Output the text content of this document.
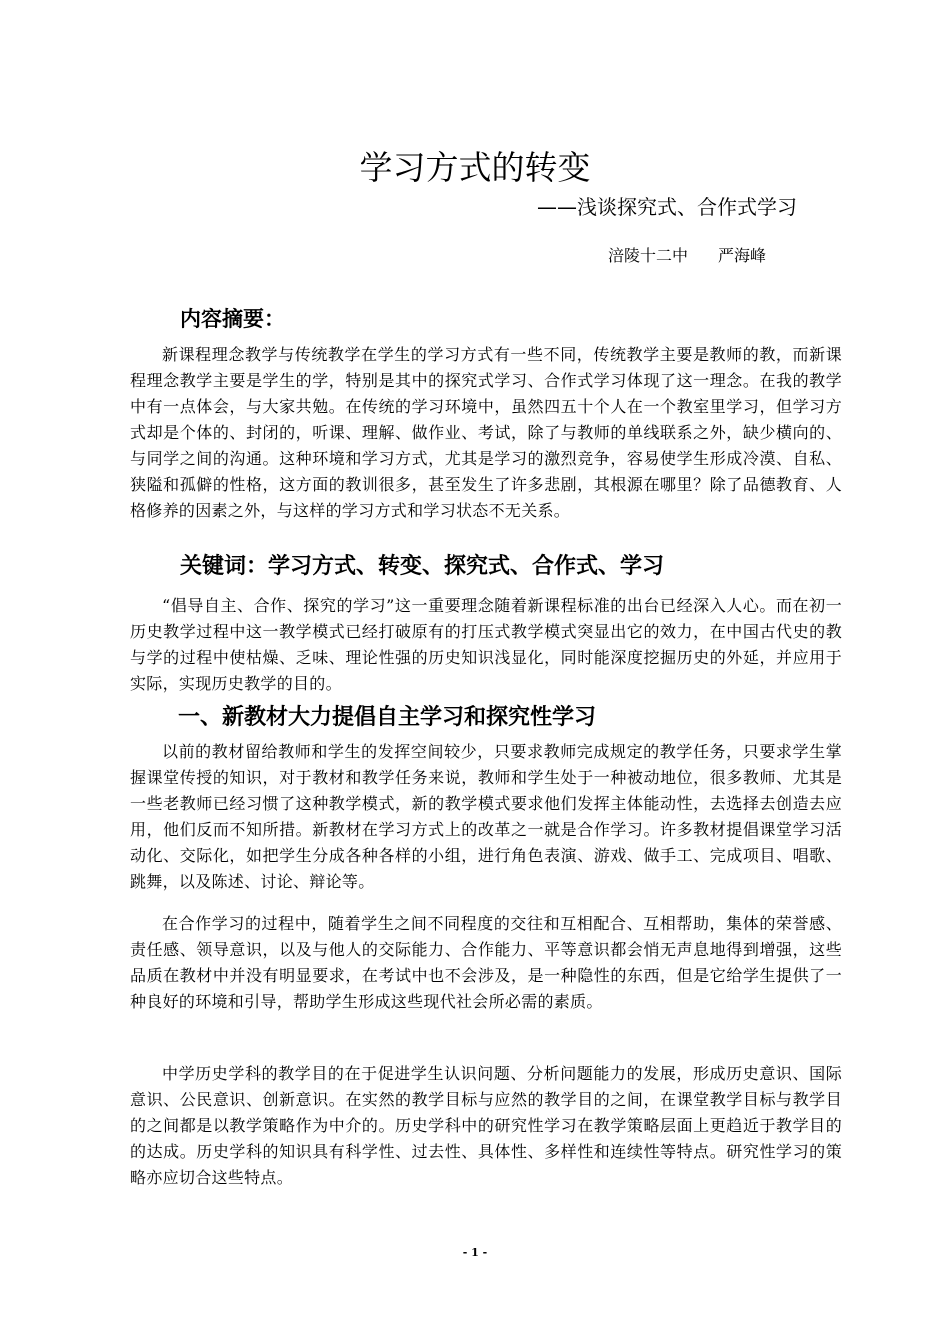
学习方式的转变
——浅谈探究式、合作式学习
涪陵十二中 严海峰
内容摘要：
新课程理念教学与传统教学在学生的学习方式有一些不同，传统教学主要是教师的教，而新课程理念教学主要是学生的学，特别是其中的探究式学习、合作式学习体现了这一理念。在我的教学中有一点体会，与大家共勉。在传统的学习环境中，虽然四五十个人在一个教室里学习，但学习方式却是个体的、封闭的，听课、理解、做作业、考试，除了与教师的单线联系之外，缺少横向的、与同学之间的沟通。这种环境和学习方式，尤其是学习的激烈竞争，容易使学生形成冷漠、自私、狭隘和孤僻的性格，这方面的教训很多，甚至发生了许多悲剧，其根源在哪里？除了品德教育、人格修养的因素之外，与这样的学习方式和学习状态不无关系。
关键词：学习方式、转变、探究式、合作式、学习
“倡导自主、合作、探究的学习”这一重要理念随着新课程标准的出台已经深入人心。而在初一历史教学过程中这一教学模式已经打破原有的打压式教学模式突显出它的效力，在中国古代史的教与学的过程中使枯燥、乏味、理论性强的历史知识浅显化，同时能深度挖掘历史的外延，并应用于实际，实现历史教学的目的。
一、新教材大力提倡自主学习和探究性学习
以前的教材留给教师和学生的发挥空间较少，只要求教师完成规定的教学任务，只要求学生掌握课堂传授的知识，对于教材和教学任务来说，教师和学生处于一种被动地位，很多教师、尤其是一些老教师已经习惯了这种教学模式，新的教学模式要求他们发挥主体能动性，去选择去创造去应用，他们反而不知所措。新教材在学习方式上的改革之一就是合作学习。许多教材提倡课堂学习活动化、交际化，如把学生分成各种各样的小组，进行角色表演、游戏、做手工、完成项目、唱歌、跳舞，以及陈述、讨论、辩论等。
在合作学习的过程中，随着学生之间不同程度的交往和互相配合、互相帮助，集体的荣誉感、责任感、领导意识，以及与他人的交际能力、合作能力、平等意识都会悄无声息地得到增强，这些品质在教材中并没有明显要求，在考试中也不会涉及，是一种隐性的东西，但是它给学生提供了一种良好的环境和引导，帮助学生形成这些现代社会所必需的素质。
中学历史学科的教学目的在于促进学生认识问题、分析问题能力的发展，形成历史意识、国际意识、公民意识、创新意识。在实然的教学目标与应然的教学目的之间，在课堂教学目标与教学目的之间都是以教学策略作为中介的。历史学科中的研究性学习在教学策略层面上更趋近于教学目的的达成。历史学科的知识具有科学性、过去性、具体性、多样性和连续性等特点。研究性学习的策略亦应切合这些特点。
- 1 -
